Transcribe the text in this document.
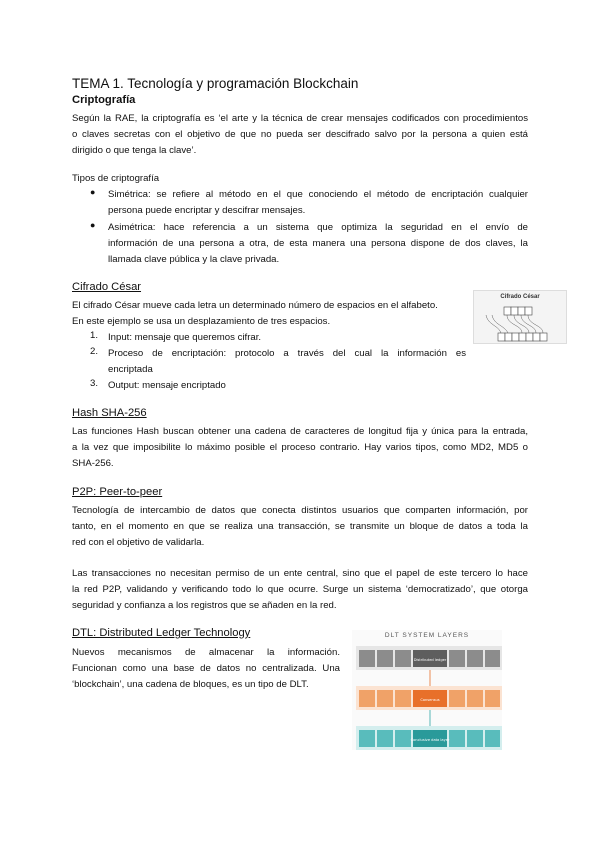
TEMA 1. Tecnología y programación Blockchain
Criptografía
Según la RAE, la criptografía es ‘el arte y la técnica de crear mensajes codificados con procedimientos
o claves secretas con el objetivo de que no pueda ser descifrado salvo por la persona a quien está
dirigido o que tenga la clave’.
Tipos de criptografía
● Simétrica: se refiere al método en el que conociendo el método de encriptación cualquier
persona puede encriptar y descifrar mensajes.
● Asimétrica: hace referencia a un sistema que optimiza la seguridad en el envío de
información de una persona a otra, de esta manera una persona dispone de dos claves, la
llamada clave pública y la clave privada.
Cifrado César
El cifrado César mueve cada letra un determinado número de espacios en el alfabeto.
En este ejemplo se usa un desplazamiento de tres espacios.
1. Input: mensaje que queremos cifrar.
2. Proceso de encriptación: protocolo a través del cual la información es
encriptada
3. Output: mensaje encriptado
Cifrado César
Hash SHA-256
Las funciones Hash buscan obtener una cadena de caracteres de longitud fija y única para la entrada,
a la vez que imposibilite lo máximo posible el proceso contrario. Hay varios tipos, como MD2, MD5 o
SHA-256.
P2P: Peer-to-peer
Tecnología de intercambio de datos que conecta distintos usuarios que comparten información, por
tanto, en el momento en que se realiza una transacción, se transmite un bloque de datos a toda la
red con el objetivo de validarla.
Las transacciones no necesitan permiso de un ente central, sino que el papel de este tercero lo hace
la red P2P, validando y verificando todo lo que ocurre. Surge un sistema ‘democratizado’, que otorga
seguridad y confianza a los registros que se añaden en la red.
DTL: Distributed Ledger Technology
Nuevos mecanismos de almacenar la información.
Funcionan como una base de datos no centralizada. Una
‘blockchain’, una cadena de bloques, es un tipo de DLT.
DLT SYSTEM LAYERS
Distributed ledger
Consensus
Conclusive data layer
